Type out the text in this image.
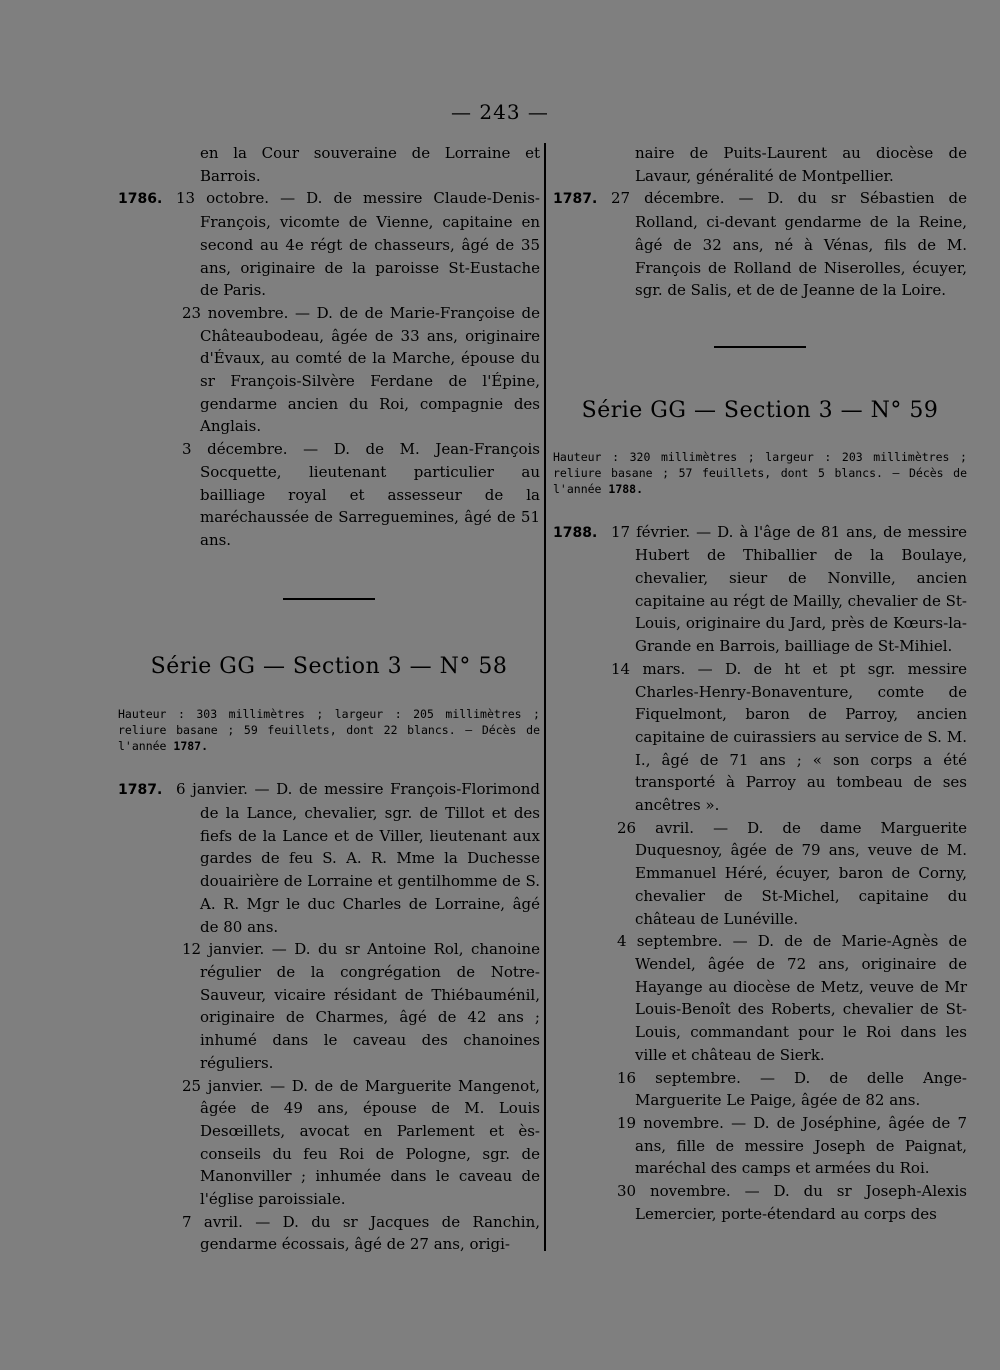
— 243 —
en la Cour souveraine de Lorraine et Barrois.
1786. 13 octobre. — D. de messire Claude-Denis-François, vicomte de Vienne, capitaine en second au 4e régt de chasseurs, âgé de 35 ans, originaire de la paroisse St-Eustache de Paris.
23 novembre. — D. de de Marie-Françoise de Châteaubodeau, âgée de 33 ans, originaire d'Évaux, au comté de la Marche, épouse du sr François-Silvère Ferdane de l'Épine, gendarme ancien du Roi, compagnie des Anglais.
3 décembre. — D. de M. Jean-François Socquette, lieutenant particulier au bailliage royal et assesseur de la maréchaussée de Sarreguemines, âgé de 51 ans.
Série GG — Section 3 — N° 58
Hauteur : 303 millimètres ; largeur : 205 millimètres ; reliure basane ; 59 feuillets, dont 22 blancs. — Décès de l'année 1787.
1787. 6 janvier. — D. de messire François-Florimond de la Lance, chevalier, sgr. de Tillot et des fiefs de la Lance et de Viller, lieutenant aux gardes de feu S. A. R. Mme la Duchesse douairière de Lorraine et gentilhomme de S. A. R. Mgr le duc Charles de Lorraine, âgé de 80 ans.
12 janvier. — D. du sr Antoine Rol, chanoine régulier de la congrégation de Notre-Sauveur, vicaire résidant de Thiébauménil, originaire de Charmes, âgé de 42 ans ; inhumé dans le caveau des chanoines réguliers.
25 janvier. — D. de de Marguerite Mangenot, âgée de 49 ans, épouse de M. Louis Desœillets, avocat en Parlement et ès-conseils du feu Roi de Pologne, sgr. de Manonviller ; inhumée dans le caveau de l'église paroissiale.
7 avril. — D. du sr Jacques de Ranchin, gendarme écossais, âgé de 27 ans, origi-
naire de Puits-Laurent au diocèse de Lavaur, généralité de Montpellier.
1787. 27 décembre. — D. du sr Sébastien de Rolland, ci-devant gendarme de la Reine, âgé de 32 ans, né à Vénas, fils de M. François de Rolland de Niserolles, écuyer, sgr. de Salis, et de de Jeanne de la Loire.
Série GG — Section 3 — N° 59
Hauteur : 320 millimètres ; largeur : 203 millimètres ; reliure basane ; 57 feuillets, dont 5 blancs. — Décès de l'année 1788.
1788. 17 février. — D. à l'âge de 81 ans, de messire Hubert de Thiballier de la Boulaye, chevalier, sieur de Nonville, ancien capitaine au régt de Mailly, chevalier de St-Louis, originaire du Jard, près de Kœurs-la-Grande en Barrois, bailliage de St-Mihiel.
14 mars. — D. de ht et pt sgr. messire Charles-Henry-Bonaventure, comte de Fiquelmont, baron de Parroy, ancien capitaine de cuirassiers au service de S. M. I., âgé de 71 ans ; « son corps a été transporté à Parroy au tombeau de ses ancêtres ».
26 avril. — D. de dame Marguerite Duquesnoy, âgée de 79 ans, veuve de M. Emmanuel Héré, écuyer, baron de Corny, chevalier de St-Michel, capitaine du château de Lunéville.
4 septembre. — D. de de Marie-Agnès de Wendel, âgée de 72 ans, originaire de Hayange au diocèse de Metz, veuve de Mr Louis-Benoît des Roberts, chevalier de St-Louis, commandant pour le Roi dans les ville et château de Sierk.
16 septembre. — D. de delle Ange-Marguerite Le Paige, âgée de 82 ans.
19 novembre. — D. de Joséphine, âgée de 7 ans, fille de messire Joseph de Paignat, maréchal des camps et armées du Roi.
30 novembre. — D. du sr Joseph-Alexis Lemercier, porte-étendard au corps des
